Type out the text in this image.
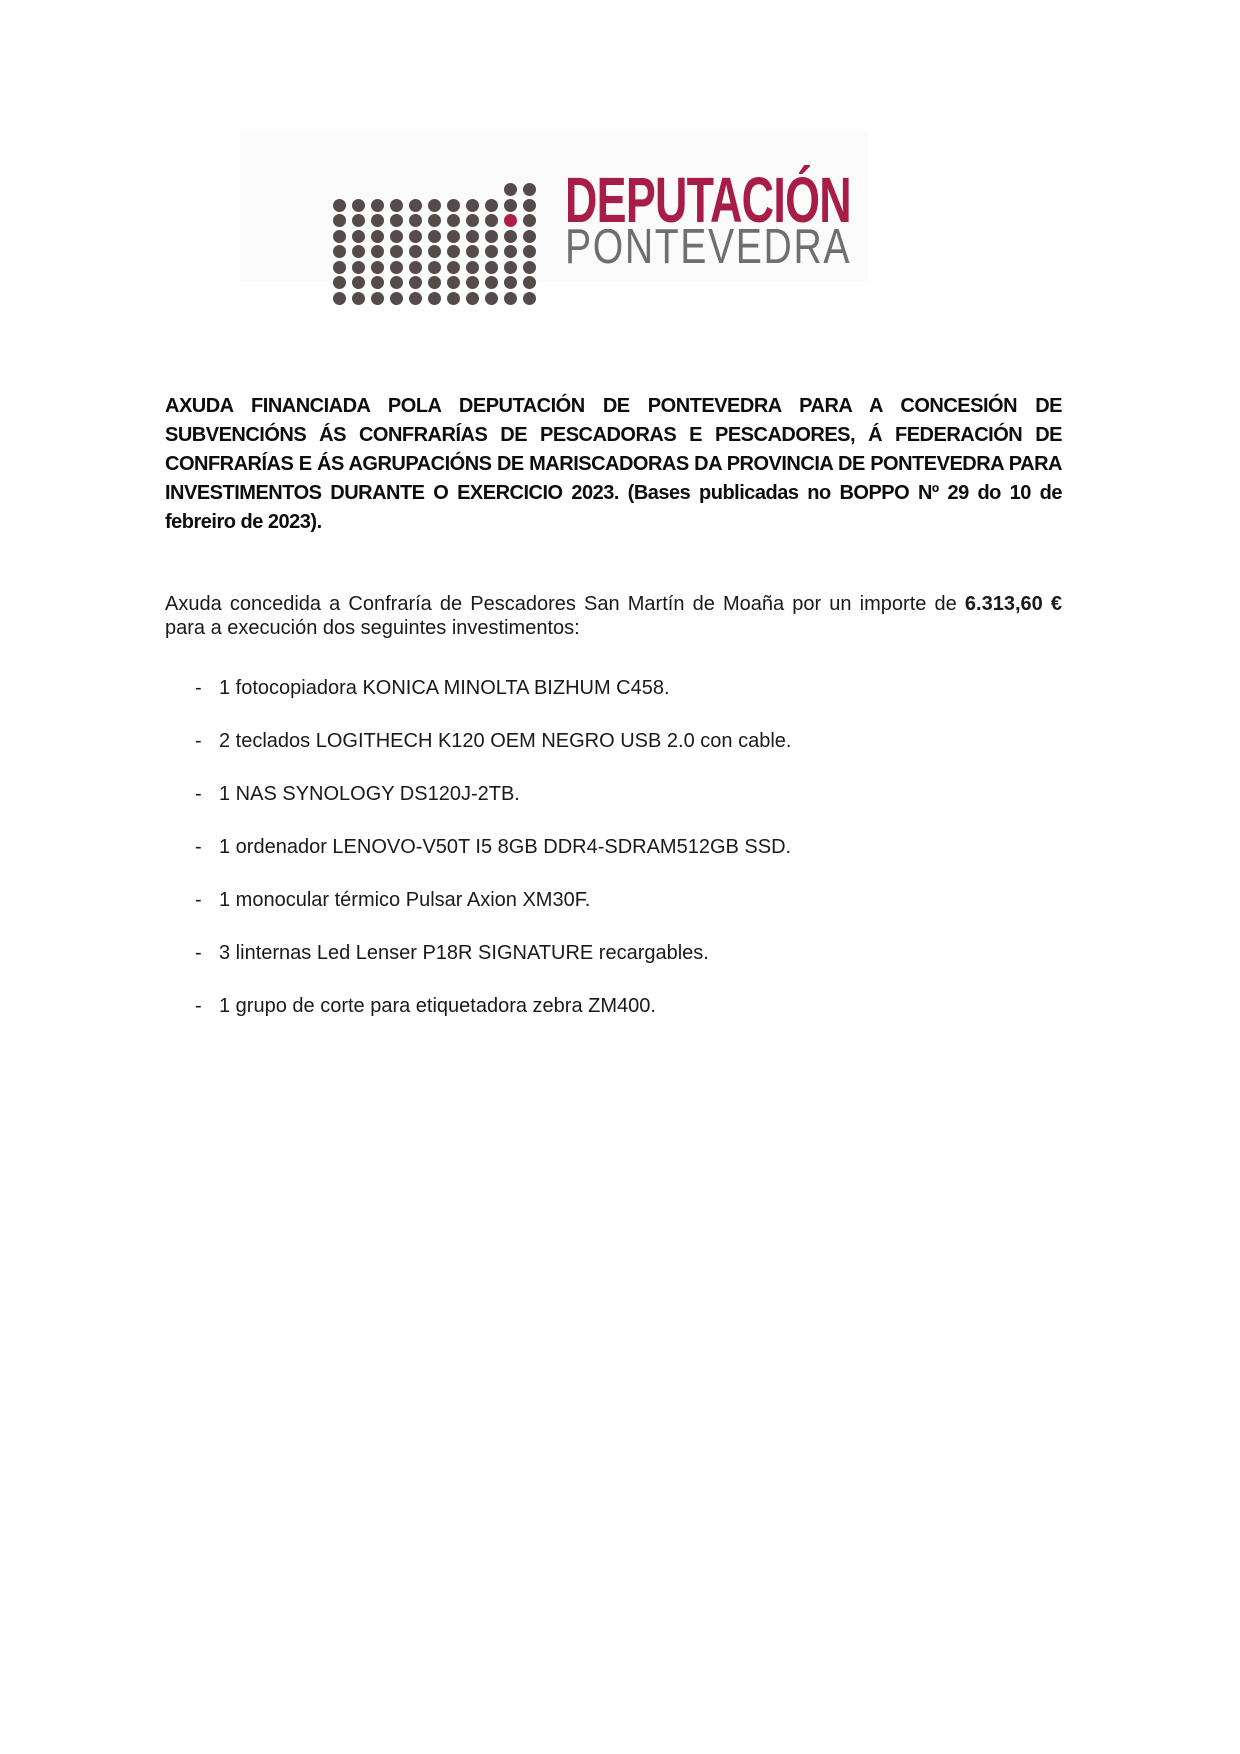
DEPUTACIÓN
PONTEVEDRA

AXUDA FINANCIADA POLA DEPUTACIÓN DE PONTEVEDRA PARA A CONCESIÓN DE SUBVENCIÓNS ÁS CONFRARÍAS DE PESCADORAS E PESCADORES, Á FEDERACIÓN DE CONFRARÍAS E ÁS AGRUPACIÓNS DE MARISCADORAS DA PROVINCIA DE PONTEVEDRA PARA INVESTIMENTOS DURANTE O EXERCICIO 2023. (Bases publicadas no BOPPO Nº 29 do 10 de febreiro de 2023).

Axuda concedida a Confraría de Pescadores San Martín de Moaña por un importe de 6.313,60 € para a execución dos seguintes investimentos:

- 1 fotocopiadora KONICA MINOLTA BIZHUM C458.
- 2 teclados LOGITHECH K120 OEM NEGRO USB 2.0 con cable.
- 1 NAS SYNOLOGY DS120J-2TB.
- 1 ordenador LENOVO-V50T I5 8GB DDR4-SDRAM512GB SSD.
- 1 monocular térmico Pulsar Axion XM30F.
- 3 linternas Led Lenser P18R SIGNATURE recargables.
- 1 grupo de corte para etiquetadora zebra ZM400.
